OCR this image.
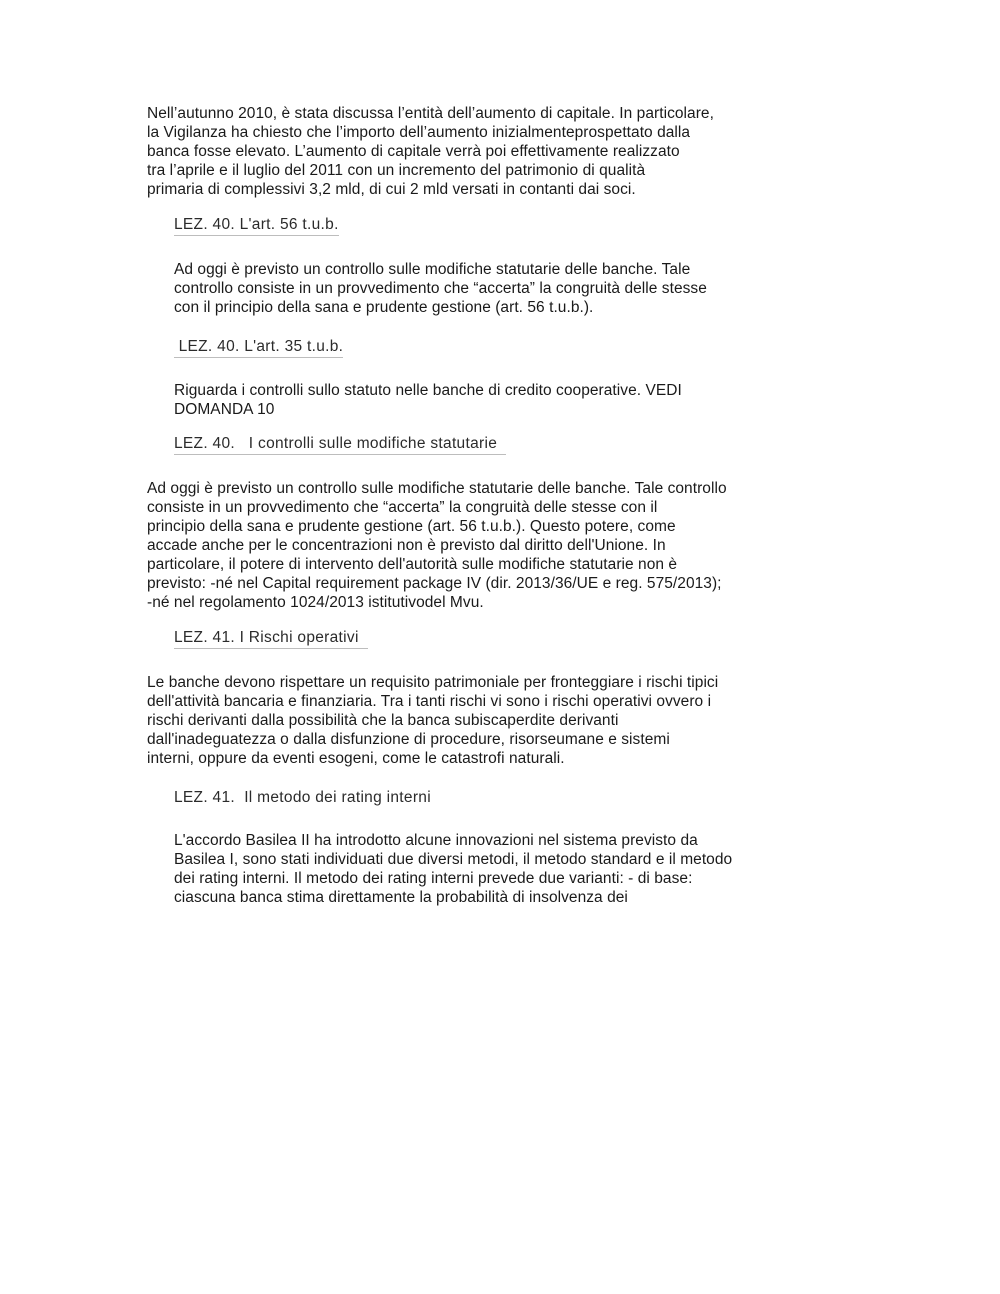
Nell’autunno 2010, è stata discussa l’entità dell’aumento di capitale. In particolare,
la Vigilanza ha chiesto che l’importo dell’aumento inizialmenteprospettato dalla
banca fosse elevato. L’aumento di capitale verrà poi effettivamente realizzato
tra l’aprile e il luglio del 2011 con un incremento del patrimonio di qualità
primaria di complessivi 3,2 mld, di cui 2 mld versati in contanti dai soci.

LEZ. 40. L'art. 56 t.u.b.

Ad oggi è previsto un controllo sulle modifiche statutarie delle banche. Tale
controllo consiste in un provvedimento che “accerta” la congruità delle stesse
con il principio della sana e prudente gestione (art. 56 t.u.b.).

LEZ. 40. L'art. 35 t.u.b.

Riguarda i controlli sullo statuto nelle banche di credito cooperative. VEDI
DOMANDA 10

LEZ. 40.   I controlli sulle modifiche statutarie

Ad oggi è previsto un controllo sulle modifiche statutarie delle banche. Tale controllo
consiste in un provvedimento che “accerta” la congruità delle stesse con il
principio della sana e prudente gestione (art. 56 t.u.b.). Questo potere, come
accade anche per le concentrazioni non è previsto dal diritto dell'Unione. In
particolare, il potere di intervento dell'autorità sulle modifiche statutarie non è
previsto: -né nel Capital requirement package IV (dir. 2013/36/UE e reg. 575/2013);
-né nel regolamento 1024/2013 istitutivodel Mvu.

LEZ. 41. I Rischi operativi

Le banche devono rispettare un requisito patrimoniale per fronteggiare i rischi tipici
dell'attività bancaria e finanziaria. Tra i tanti rischi vi sono i rischi operativi ovvero i
rischi derivanti dalla possibilità che la banca subiscaperdite derivanti
dall'inadeguatezza o dalla disfunzione di procedure, risorseumane e sistemi
interni, oppure da eventi esogeni, come le catastrofi naturali.

LEZ. 41.  Il metodo dei rating interni

L'accordo Basilea II ha introdotto alcune innovazioni nel sistema previsto da
Basilea I, sono stati individuati due diversi metodi, il metodo standard e il metodo
dei rating interni. Il metodo dei rating interni prevede due varianti: - di base:
ciascuna banca stima direttamente la probabilità di insolvenza dei
